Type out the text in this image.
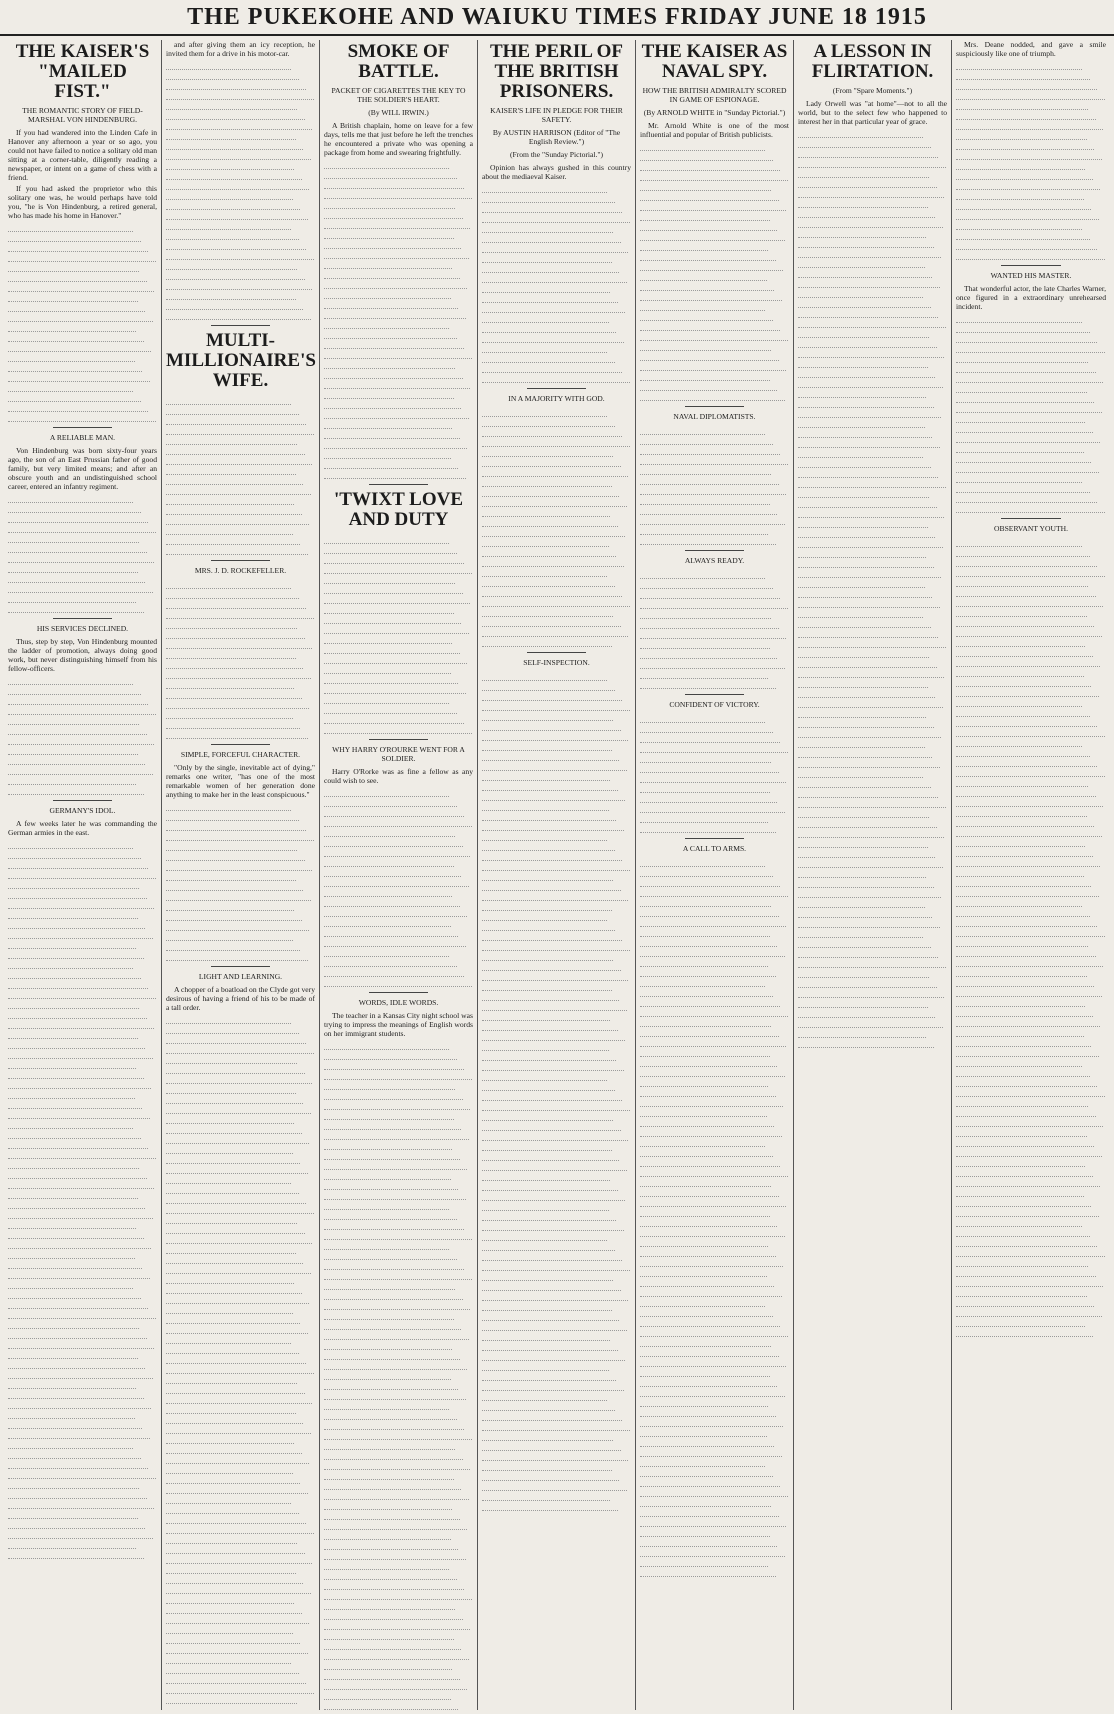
THE PUKEKOHE AND WAIUKU TIMES FRIDAY JUNE 18 1915
THE KAISER'S "MAILED FIST."
THE ROMANTIC STORY OF FIELD-MARSHAL VON HINDENBURG.

If you had wandered into the Linden Cafe in Hanover any afternoon a year or so ago, you could not have failed to notice a solitary old man sitting at a corner-table, diligently reading a newspaper, or intent on a game of chess with a friend.

If you had asked the proprietor who this solitary one was, he would perhaps have told you, "he is Von Hindenburg, a retired general, who has made his home in Hanover."

A RELIABLE MAN.

Von Hindenburg was born sixty-four years ago, the son of an East Prussian father of good family, but very limited means; and after an obscure youth and an undistinguished school career, entered an infantry regiment.

HIS SERVICES DECLINED.

Thus, step by step, Von Hindenburg mounted the ladder of promotion, always doing good work, but never distinguishing himself from his fellow-officers.

GERMANY'S IDOL.

A few weeks later he was commanding the German armies in the east.

and after giving them an icy reception, he invited them for a drive in his motor-car.

MULTI-MILLIONAIRE'S WIFE.
MRS. J. D. ROCKEFELLER.
SIMPLE, FORCEFUL CHARACTER.

"Only by the single, inevitable act of dying," remarks one writer, "has one of the most remarkable women of her generation done anything to make her in the least conspicuous."

LIGHT AND LEARNING.

A chopper of a boatload on the Clyde got very desirous of having a friend of his to be made of a tall order.

SMOKE OF BATTLE.
PACKET OF CIGARETTES THE KEY TO THE SOLDIER'S HEART.
(By WILL IRWIN.)

A British chaplain, home on leave for a few days, tells me that just before he left the trenches he encountered a private who was opening a package from home and swearing frightfully.

'TWIXT LOVE AND DUTY
WHY HARRY O'ROURKE WENT FOR A SOLDIER.

Harry O'Rorke was as fine a fellow as any could wish to see.

WORDS, IDLE WORDS.

The teacher in a Kansas City night school was trying to impress the meanings of English words on her immigrant students.

THE PERIL OF THE BRITISH PRISONERS.
KAISER'S LIFE IN PLEDGE FOR THEIR SAFETY.
By AUSTIN HARRISON (Editor of "The English Review.")
(From the "Sunday Pictorial.")

Opinion has always gushed in this country about the mediaeval Kaiser.

IN A MAJORITY WITH GOD.
SELF-INSPECTION.
THE KAISER AS NAVAL SPY.
HOW THE BRITISH ADMIRALTY SCORED IN GAME OF ESPIONAGE.
(By ARNOLD WHITE in "Sunday Pictorial.")

Mr. Arnold White is one of the most influential and popular of British publicists.

NAVAL DIPLOMATISTS.
ALWAYS READY.
CONFIDENT OF VICTORY.
A CALL TO ARMS.
A LESSON IN FLIRTATION.
(From "Spare Moments.")

Lady Orwell was "at home"—not to all the world, but to the select few who happened to interest her in that particular year of grace.

Mrs. Deane nodded, and gave a smile suspiciously like one of triumph.

WANTED HIS MASTER.

That wonderful actor, the late Charles Warner, once figured in a extraordinary unrehearsed incident.

OBSERVANT YOUTH.
